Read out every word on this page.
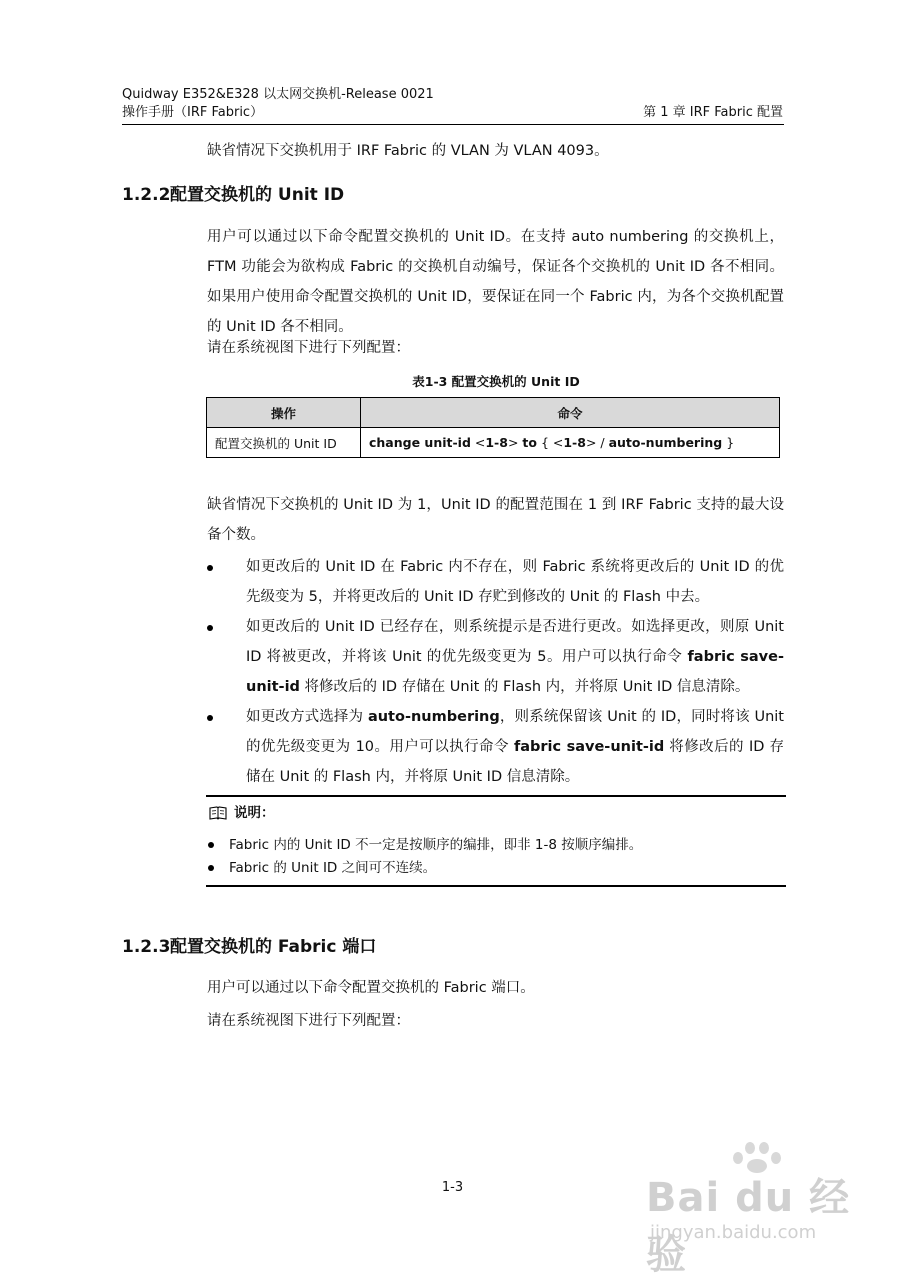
Quidway E352&E328 以太网交换机-Release 0021
操作手册（IRF Fabric）	第 1 章 IRF Fabric 配置
缺省情况下交换机用于 IRF Fabric 的 VLAN 为 VLAN 4093。
1.2.2配置交换机的 Unit ID
用户可以通过以下命令配置交换机的 Unit ID。在支持 auto numbering 的交换机上，FTM 功能会为欲构成 Fabric 的交换机自动编号，保证各个交换机的 Unit ID 各不相同。如果用户使用命令配置交换机的 Unit ID，要保证在同一个 Fabric 内，为各个交换机配置的 Unit ID 各不相同。
请在系统视图下进行下列配置：
表1-3 配置交换机的 Unit ID
操作	命令
配置交换机的 Unit ID	change unit-id <1-8> to { <1-8> / auto-numbering }
缺省情况下交换机的 Unit ID 为 1，Unit ID 的配置范围在 1 到 IRF Fabric 支持的最大设备个数。
如更改后的 Unit ID 在 Fabric 内不存在，则 Fabric 系统将更改后的 Unit ID 的优先级变为 5，并将更改后的 Unit ID 存贮到修改的 Unit 的 Flash 中去。
如更改后的 Unit ID 已经存在，则系统提示是否进行更改。如选择更改，则原 Unit ID 将被更改，并将该 Unit 的优先级变更为 5。用户可以执行命令 fabric save-unit-id 将修改后的 ID 存储在 Unit 的 Flash 内，并将原 Unit ID 信息清除。
如更改方式选择为 auto-numbering，则系统保留该 Unit 的 ID，同时将该 Unit 的优先级变更为 10。用户可以执行命令 fabric save-unit-id 将修改后的 ID 存储在 Unit 的 Flash 内，并将原 Unit ID 信息清除。
说明：
Fabric 内的 Unit ID 不一定是按顺序的编排，即非 1-8 按顺序编排。
Fabric 的 Unit ID 之间可不连续。
1.2.3配置交换机的 Fabric 端口
用户可以通过以下命令配置交换机的 Fabric 端口。
请在系统视图下进行下列配置：
1-3	Bai du 经验
jingyan.baidu.com
